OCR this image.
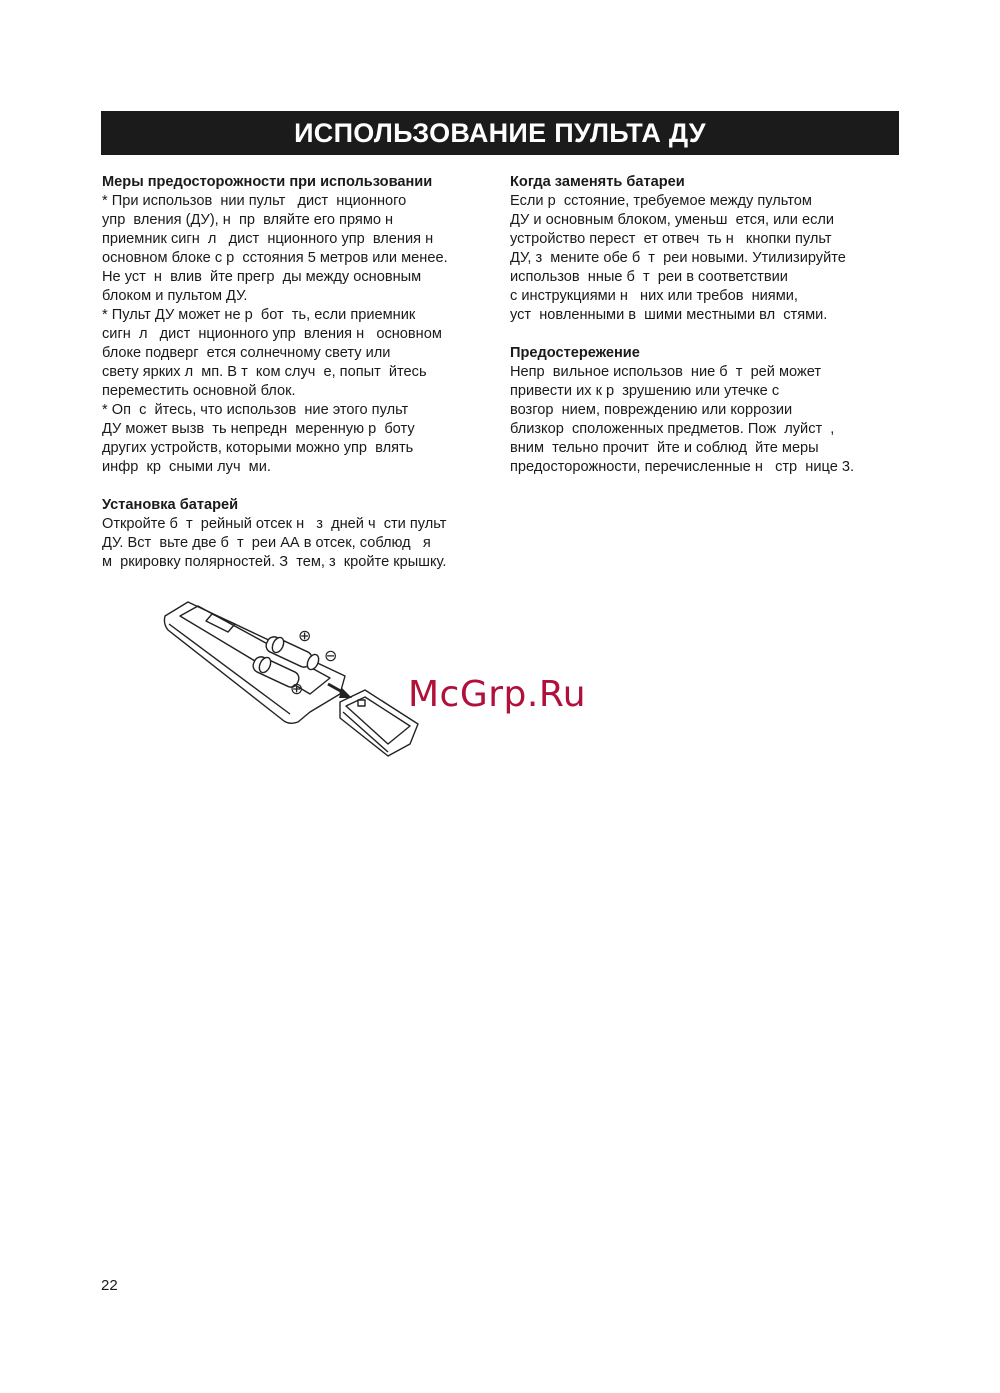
ИСПОЛЬЗОВАНИЕ ПУЛЬТА ДУ
Меры предосторожности при использовании
* При использов  нии пульт   дист  нционного
упр  вления (ДУ), н  пр  вляйте его прямо н
приемник сигн  л   дист  нционного упр  вления н
основном блоке с р  сстояния 5 метров или менее.
Не уст  н  влив  йте прегр  ды между основным
блоком и пультом ДУ.
* Пульт ДУ может не р  бот  ть, если приемник
сигн  л   дист  нционного упр  вления н   основном
блоке подверг  ется солнечному свету или
свету ярких л  мп. В т  ком случ  е, попыт  йтесь
переместить основной блок.
* Оп  с  йтесь, что использов  ние этого пульт
ДУ может вызв  ть непредн  меренную р  боту
других устройств, которыми можно упр  влять
инфр  кр  сными луч  ми.
Установка батарей
Откройте б  т  рейный отсек н   з  дней ч  сти пульт
ДУ. Вст  вьте две б  т  реи АА в отсек, соблюд   я
м  ркировку полярностей. З  тем, з  кройте крышку.
Когда заменять батареи
Если р  сстояние, требуемое между пультом
ДУ и основным блоком, уменьш  ется, или если
устройство перест  ет отвеч  ть н   кнопки пульт
ДУ, з  мените обе б  т  реи новыми. Утилизируйте
использов  нные б  т  реи в соответствии
с инструкциями н   них или требов  ниями,
уст  новленными в  шими местными вл  стями.
Предостережение
Непр  вильное использов  ние б  т  рей может
привести их к р  зрушению или утечке с
возгор  нием, повреждению или коррозии
близкор  сположенных предметов. Пож  луйст  ,
вним  тельно прочит  йте и соблюд  йте меры
предосторожности, перечисленные н   стр  нице 3.
⊕
⊖
⊕	McGrp.Ru
22
